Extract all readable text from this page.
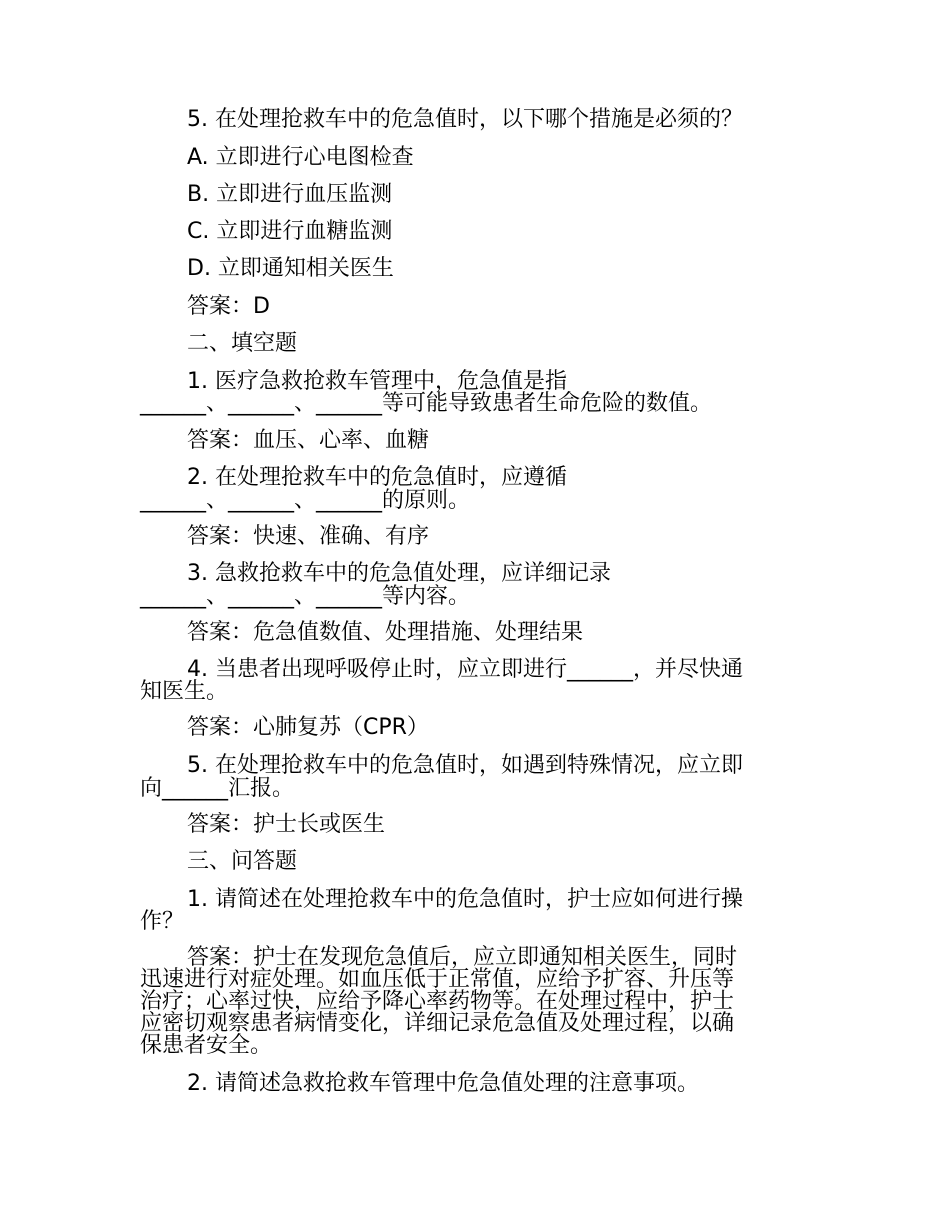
5. 在处理抢救车中的危急值时，以下哪个措施是必须的？

A. 立即进行心电图检查

B. 立即进行血压监测

C. 立即进行血糖监测

D. 立即通知相关医生

答案：D

二、填空题

1. 医疗急救抢救车管理中，危急值是指

______、______、______等可能导致患者生命危险的数值。

答案：血压、心率、血糖

2. 在处理抢救车中的危急值时，应遵循

______、______、______的原则。

答案：快速、准确、有序

3. 急救抢救车中的危急值处理，应详细记录

______、______、______等内容。

答案：危急值数值、处理措施、处理结果

4. 当患者出现呼吸停止时，应立即进行______，并尽快通

知医生。

答案：心肺复苏（CPR）

5. 在处理抢救车中的危急值时，如遇到特殊情况，应立即

向______汇报。

答案：护士长或医生

三、问答题

1. 请简述在处理抢救车中的危急值时，护士应如何进行操

作？

答案：护士在发现危急值后，应立即通知相关医生，同时

迅速进行对症处理。如血压低于正常值，应给予扩容、升压等

治疗；心率过快，应给予降心率药物等。在处理过程中，护士

应密切观察患者病情变化，详细记录危急值及处理过程，以确

保患者安全。

2. 请简述急救抢救车管理中危急值处理的注意事项。
